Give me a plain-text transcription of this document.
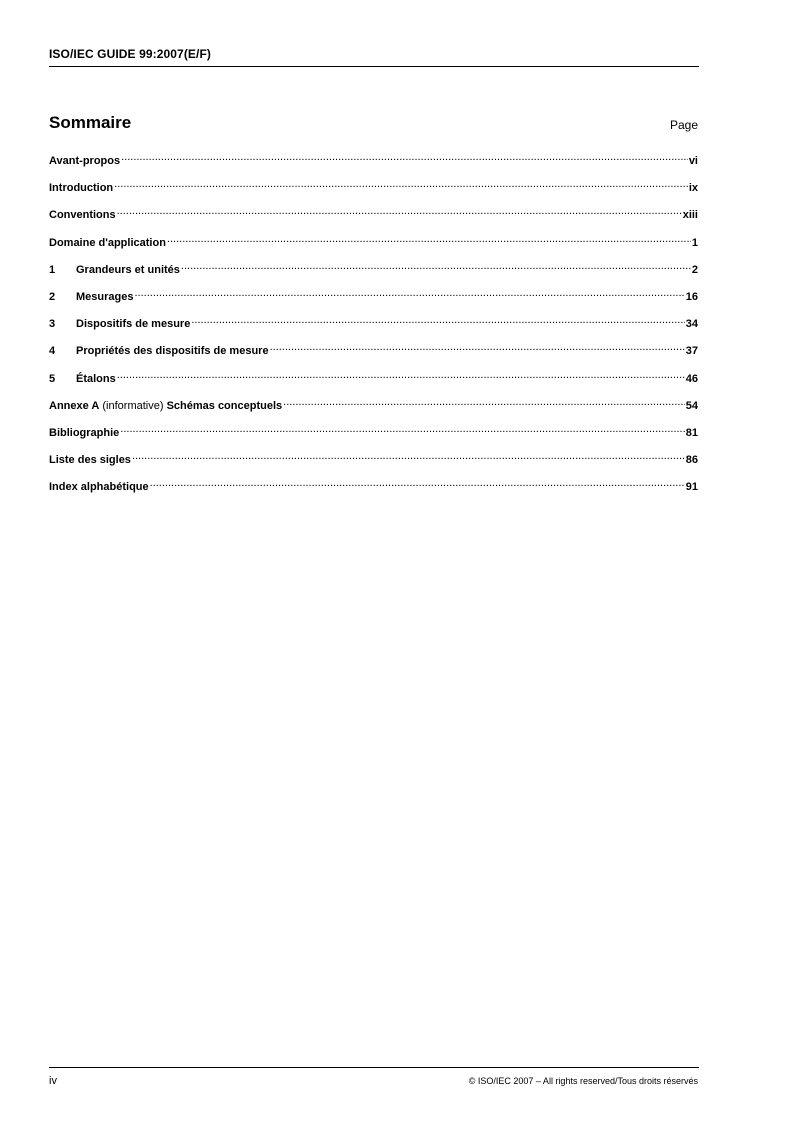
ISO/IEC GUIDE 99:2007(E/F)
Sommaire	Page
Avant-propos .....	vi
Introduction .....	ix
Conventions .....	xiii
Domaine d'application .....	1
1	Grandeurs et unités .....	2
2	Mesurages .....	16
3	Dispositifs de mesure .....	34
4	Propriétés des dispositifs de mesure .....	37
5	Étalons .....	46
Annexe A (informative) Schémas conceptuels .....	54
Bibliographie .....	81
Liste des sigles .....	86
Index alphabétique .....	91
iv	© ISO/IEC 2007 – All rights reserved/Tous droits réservés
